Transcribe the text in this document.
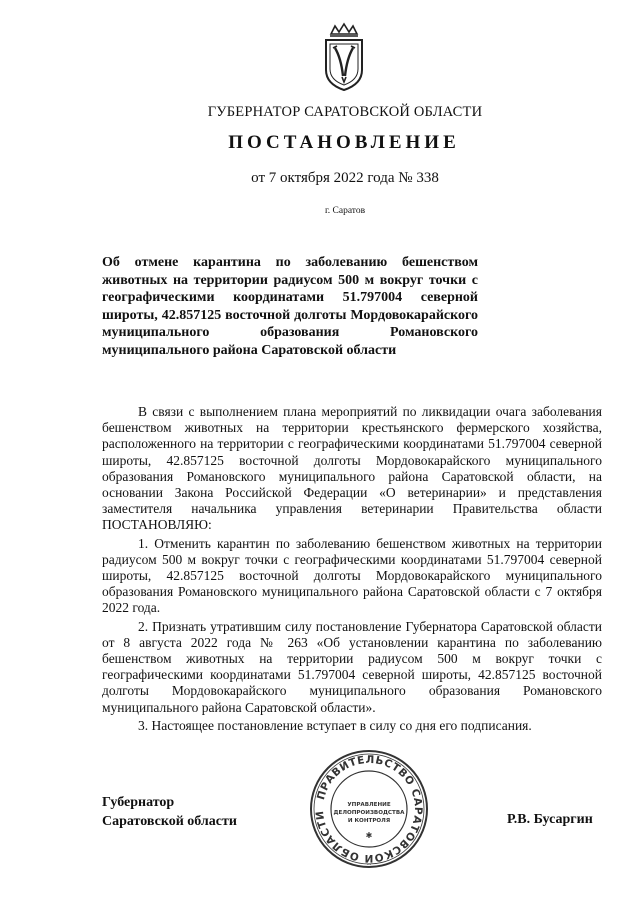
ГУБЕРНАТОР САРАТОВСКОЙ ОБЛАСТИ
ПОСТАНОВЛЕНИЕ
от 7 октября 2022 года № 338
г. Саратов
Об отмене карантина по заболеванию бешенством животных на территории радиусом 500 м вокруг точки с географическими координатами 51.797004 северной широты, 42.857125 восточной долготы Мордовокарайского муниципального образования Романовского муниципального района Саратовской области

В связи с выполнением плана мероприятий по ликвидации очага заболевания бешенством животных на территории крестьянского фермерского хозяйства, расположенного на территории с географическими координатами 51.797004 северной широты, 42.857125 восточной долготы Мордовокарайского муниципального образования Романовского муниципального района Саратовской области, на основании Закона Российской Федерации «О ветеринарии» и представления заместителя начальника управления ветеринарии Правительства области ПОСТАНОВЛЯЮ:

1. Отменить карантин по заболеванию бешенством животных на территории радиусом 500 м вокруг точки с географическими координатами 51.797004 северной широты, 42.857125 восточной долготы Мордовокарайского муниципального образования Романовского муниципального района Саратовской области с 7 октября 2022 года.

2. Признать утратившим силу постановление Губернатора Саратовской области от 8 августа 2022 года № 263 «Об установлении карантина по заболеванию бешенством животных на территории радиусом 500 м вокруг точки с географическими координатами 51.797004 северной широты, 42.857125 восточной долготы Мордовокарайского муниципального образования Романовского муниципального района Саратовской области».

3. Настоящее постановление вступает в силу со дня его подписания.

Губернатор
Саратовской области	Р.В. Бусаргин
ПРАВИТЕЛЬСТВО САРАТОВСКОЙ ОБЛАСТИ
УПРАВЛЕНИЕ
ДЕЛОПРОИЗВОДСТВА
И КОНТРОЛЯ
✱
